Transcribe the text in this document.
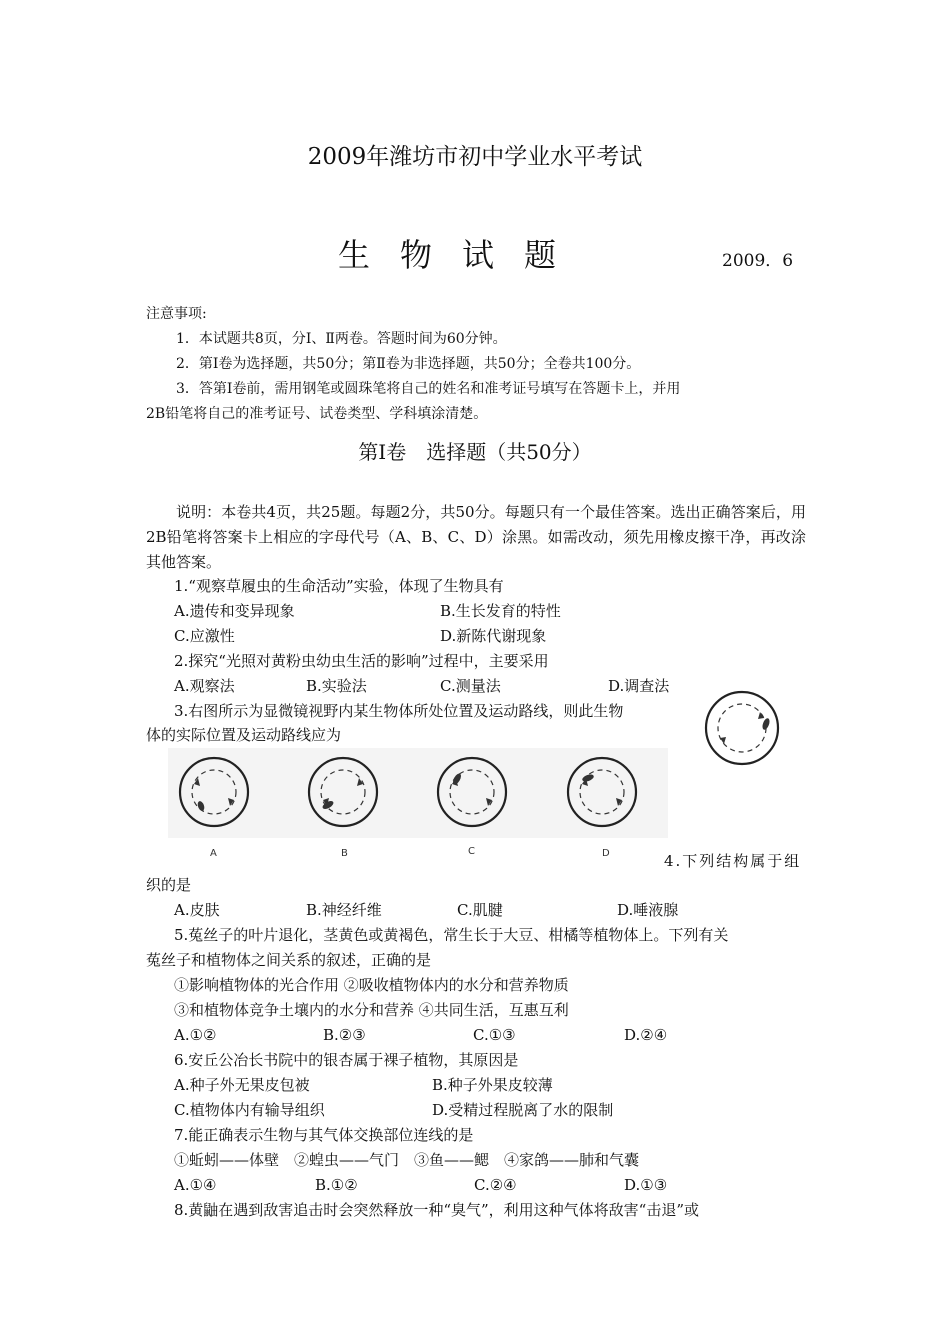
2009年潍坊市初中学业水平考试
生物试题	2009．6
注意事项:
1．本试题共8页，分Ⅰ、Ⅱ两卷。答题时间为60分钟。
2．第Ⅰ卷为选择题，共50分；第Ⅱ卷为非选择题，共50分；全卷共100分。
3．答第Ⅰ卷前，需用钢笔或圆珠笔将自己的姓名和准考证号填写在答题卡上，并用
2B铅笔将自己的准考证号、试卷类型、学科填涂清楚。
第Ⅰ卷　选择题（共50分）
说明：本卷共4页，共25题。每题2分，共50分。每题只有一个最佳答案。选出正确答案后，用2B铅笔将答案卡上相应的字母代号（A、B、C、D）涂黑。如需改动，须先用橡皮擦干净，再改涂其他答案。
1.“观察草履虫的生命活动”实验，体现了生物具有
A.遗传和变异现象	B.生长发育的特性
C.应激性	D.新陈代谢现象
2.探究“光照对黄粉虫幼虫生活的影响”过程中，主要采用
A.观察法	B.实验法	C.测量法	D.调查法
3.右图所示为显微镜视野内某生物体所处位置及运动路线，则此生物
体的实际位置及运动路线应为
A	B	C	D	4.下列结构属于组
织的是
A.皮肤	B.神经纤维	C.肌腱	D.唾液腺
5.菟丝子的叶片退化，茎黄色或黄褐色，常生长于大豆、柑橘等植物体上。下列有关
菟丝子和植物体之间关系的叙述，正确的是
①影响植物体的光合作用 ②吸收植物体内的水分和营养物质
③和植物体竞争土壤内的水分和营养 ④共同生活，互惠互利
A.①②	B.②③	C.①③	D.②④
6.安丘公冶长书院中的银杏属于裸子植物，其原因是
A.种子外无果皮包被	B.种子外果皮较薄
C.植物体内有输导组织	D.受精过程脱离了水的限制
7.能正确表示生物与其气体交换部位连线的是
①蚯蚓——体壁　②蝗虫——气门　③鱼——鳃　④家鸽——肺和气囊
A.①④	B.①②	C.②④	D.①③
8.黄鼬在遇到敌害追击时会突然释放一种“臭气”，利用这种气体将敌害“击退”或
